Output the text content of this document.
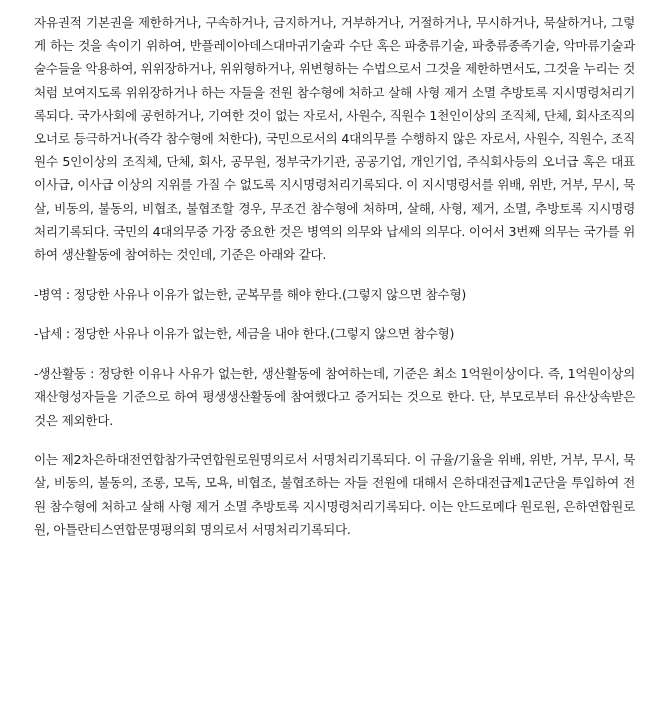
자유권적 기본권을 제한하거나, 구속하거나, 금지하거나, 거부하거나, 거절하거나, 무시하거나, 묵살하거나, 그렇게 하는 것을 속이기 위하여, 반플레이아데스대마귀기술과 수단 혹은 파충류기술, 파충류종족기술, 악마류기술과 술수들을 악용하여, 위위장하거나, 위위형하거나, 위변형하는 수법으로서 그것을 제한하면서도, 그것을 누리는 것처럼 보여지도록 위위장하거나 하는 자들을 전원 참수형에 처하고 살해 사형 제거 소멸 추방토록 지시명령처리기록되다. 국가사회에 공헌하거나, 기여한 것이 없는 자로서, 사원수, 직원수 1천인이상의 조직체, 단체, 회사조직의 오너로 등극하거나(즉각 참수형에 처한다), 국민으로서의 4대의무를 수행하지 않은 자로서, 사원수, 직원수, 조직원수 5인이상의 조직체, 단체, 회사, 공무원, 정부국가기관, 공공기업, 개인기업, 주식회사등의 오너급 혹은 대표이사급, 이사급 이상의 지위를 가질 수 없도록 지시명령처리기록되다. 이 지시명령서를 위배, 위반, 거부, 무시, 묵살, 비동의, 불동의, 비협조, 불협조할 경우, 무조건 참수형에 처하며, 살해, 사형, 제거, 소멸, 추방토록 지시명령처리기록되다. 국민의 4대의무중 가장 중요한 것은 병역의 의무와 납세의 의무다. 이어서 3번째 의무는 국가를 위하여 생산활동에 참여하는 것인데, 기준은 아래와 같다.

-병역 : 정당한 사유나 이유가 없는한, 군복무를 해야 한다.(그렇지 않으면 참수형)

-납세 : 정당한 사유나 이유가 없는한, 세금을 내야 한다.(그렇지 않으면 참수형)

-생산활동 : 정당한 이유나 사유가 없는한, 생산활동에 참여하는데, 기준은 최소 1억원이상이다. 즉, 1억원이상의 재산형성자들을 기준으로 하여 평생생산활동에 참여했다고 증거되는 것으로 한다. 단, 부모로부터 유산상속받은 것은 제외한다.

이는 제2차은하대전연합참가국연합원로원명의로서 서명처리기록되다. 이 규율/기율을 위배, 위반, 거부, 무시, 묵살, 비동의, 불동의, 조롱, 모독, 모욕, 비협조, 불협조하는 자들 전원에 대해서 은하대전급제1군단을 투입하여 전원 참수형에 처하고 살해 사형 제거 소멸 추방토록 지시명령처리기록되다. 이는 안드로메다 원로원, 은하연합원로원, 아틀란티스연합문명평의회 명의로서 서명처리기록되다.
